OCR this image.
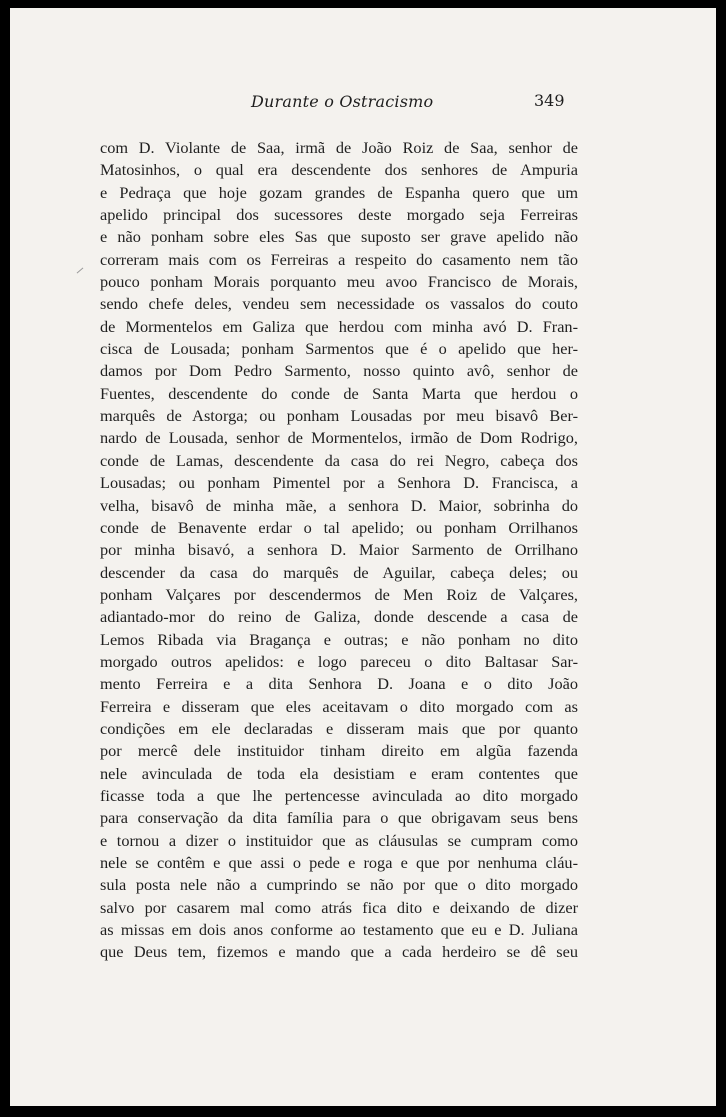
Durante o Ostracismo	349
com D. Violante de Saa, irmã de João Roiz de Saa, senhor de
Matosinhos, o qual era descendente dos senhores de Ampuria
e Pedraça que hoje gozam grandes de Espanha quero que um
apelido principal dos sucessores deste morgado seja Ferreiras
e não ponham sobre eles Sas que suposto ser grave apelido não
correram mais com os Ferreiras a respeito do casamento nem tão
pouco ponham Morais porquanto meu avoo Francisco de Morais,
sendo chefe deles, vendeu sem necessidade os vassalos do couto
de Mormentelos em Galiza que herdou com minha avó D. Fran-
cisca de Lousada; ponham Sarmentos que é o apelido que her-
damos por Dom Pedro Sarmento, nosso quinto avô, senhor de
Fuentes, descendente do conde de Santa Marta que herdou o
marquês de Astorga; ou ponham Lousadas por meu bisavô Ber-
nardo de Lousada, senhor de Mormentelos, irmão de Dom Rodrigo,
conde de Lamas, descendente da casa do rei Negro, cabeça dos
Lousadas; ou ponham Pimentel por a Senhora D. Francisca, a
velha, bisavô de minha mãe, a senhora D. Maior, sobrinha do
conde de Benavente erdar o tal apelido; ou ponham Orrilhanos
por minha bisavó, a senhora D. Maior Sarmento de Orrilhano
descender da casa do marquês de Aguilar, cabeça deles; ou
ponham Valçares por descendermos de Men Roiz de Valçares,
adiantado-mor do reino de Galiza, donde descende a casa de
Lemos Ribada via Bragança e outras; e não ponham no dito
morgado outros apelidos: e logo pareceu o dito Baltasar Sar-
mento Ferreira e a dita Senhora D. Joana e o dito João
Ferreira e disseram que eles aceitavam o dito morgado com as
condições em ele declaradas e disseram mais que por quanto
por mercê dele instituidor tinham direito em algũa fazenda
nele avinculada de toda ela desistiam e eram contentes que
ficasse toda a que lhe pertencesse avinculada ao dito morgado
para conservação da dita família para o que obrigavam seus bens
e tornou a dizer o instituidor que as cláusulas se cumpram como
nele se contêm e que assi o pede e roga e que por nenhuma cláu-
sula posta nele não a cumprindo se não por que o dito morgado
salvo por casarem mal como atrás fica dito e deixando de dizer
as missas em dois anos conforme ao testamento que eu e D. Juliana
que Deus tem, fizemos e mando que a cada herdeiro se dê seu
